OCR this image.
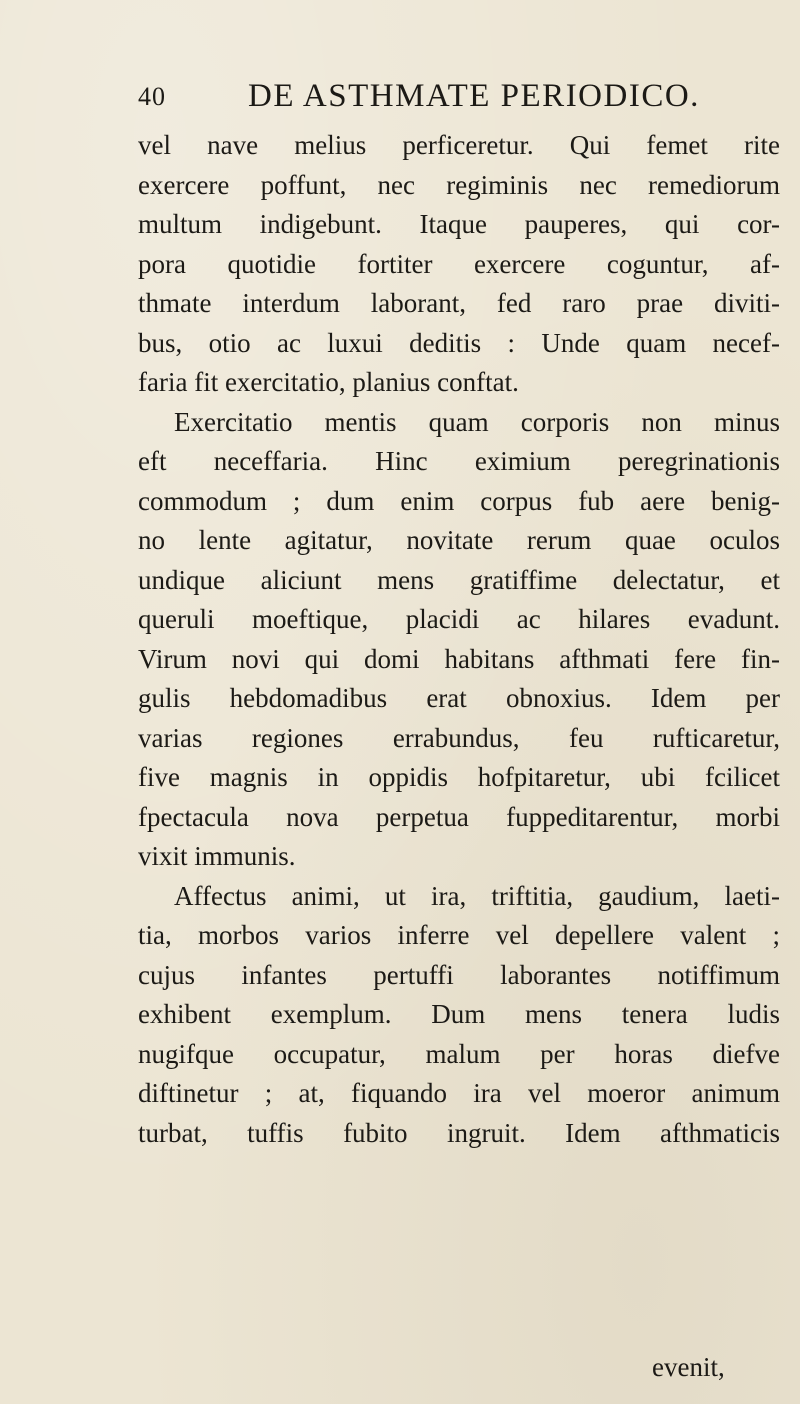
40 DE ASTHMATE PERIODICO.
vel nave melius perficeretur. Qui femet rite
exercere poffunt, nec regiminis nec remediorum
multum indigebunt. Itaque pauperes, qui cor-
pora quotidie fortiter exercere coguntur, af-
thmate interdum laborant, fed raro prae diviti-
bus, otio ac luxui deditis : Unde quam necef-
faria fit exercitatio, planius conftat.
Exercitatio mentis quam corporis non minus
eft neceffaria. Hinc eximium peregrinationis
commodum ; dum enim corpus fub aere benig-
no lente agitatur, novitate rerum quae oculos
undique aliciunt mens gratiffime delectatur, et
queruli moeftique, placidi ac hilares evadunt.
Virum novi qui domi habitans afthmati fere fin-
gulis hebdomadibus erat obnoxius. Idem per
varias regiones errabundus, feu rufticaretur,
five magnis in oppidis hofpitaretur, ubi fcilicet
fpectacula nova perpetua fuppeditarentur, morbi
vixit immunis.
Affectus animi, ut ira, triftitia, gaudium, laeti-
tia, morbos varios inferre vel depellere valent ;
cujus infantes pertuffi laborantes notiffimum
exhibent exemplum. Dum mens tenera ludis
nugifque occupatur, malum per horas diefve
diftinetur ; at, fiquando ira vel moeror animum
turbat, tuffis fubito ingruit. Idem afthmaticis
evenit,
